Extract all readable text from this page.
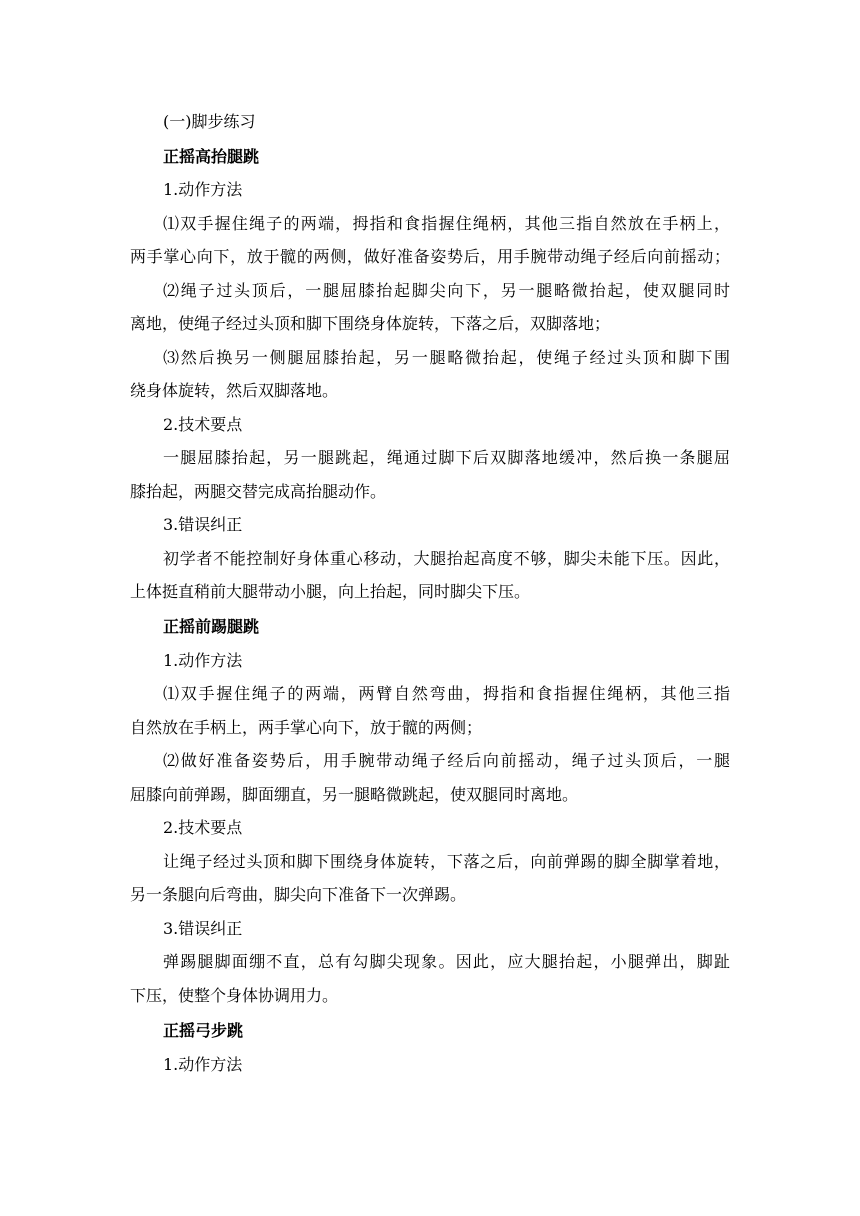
(一)脚步练习
正摇高抬腿跳
1.动作方法
⑴双手握住绳子的两端，拇指和食指握住绳柄，其他三指自然放在手柄上，
两手掌心向下，放于髋的两侧，做好准备姿势后，用手腕带动绳子经后向前摇动；
⑵绳子过头顶后，一腿屈膝抬起脚尖向下，另一腿略微抬起，使双腿同时
离地，使绳子经过头顶和脚下围绕身体旋转，下落之后，双脚落地；
⑶然后换另一侧腿屈膝抬起，另一腿略微抬起，使绳子经过头顶和脚下围
绕身体旋转，然后双脚落地。
2.技术要点
一腿屈膝抬起，另一腿跳起，绳通过脚下后双脚落地缓冲，然后换一条腿屈
膝抬起，两腿交替完成高抬腿动作。
3.错误纠正
初学者不能控制好身体重心移动，大腿抬起高度不够，脚尖未能下压。因此，
上体挺直稍前大腿带动小腿，向上抬起，同时脚尖下压。
正摇前踢腿跳
1.动作方法
⑴双手握住绳子的两端，两臂自然弯曲，拇指和食指握住绳柄，其他三指
自然放在手柄上，两手掌心向下，放于髋的两侧；
⑵做好准备姿势后，用手腕带动绳子经后向前摇动，绳子过头顶后，一腿
屈膝向前弹踢，脚面绷直，另一腿略微跳起，使双腿同时离地。
2.技术要点
让绳子经过头顶和脚下围绕身体旋转，下落之后，向前弹踢的脚全脚掌着地，
另一条腿向后弯曲，脚尖向下准备下一次弹踢。
3.错误纠正
弹踢腿脚面绷不直，总有勾脚尖现象。因此，应大腿抬起，小腿弹出，脚趾
下压，使整个身体协调用力。
正摇弓步跳
1.动作方法
